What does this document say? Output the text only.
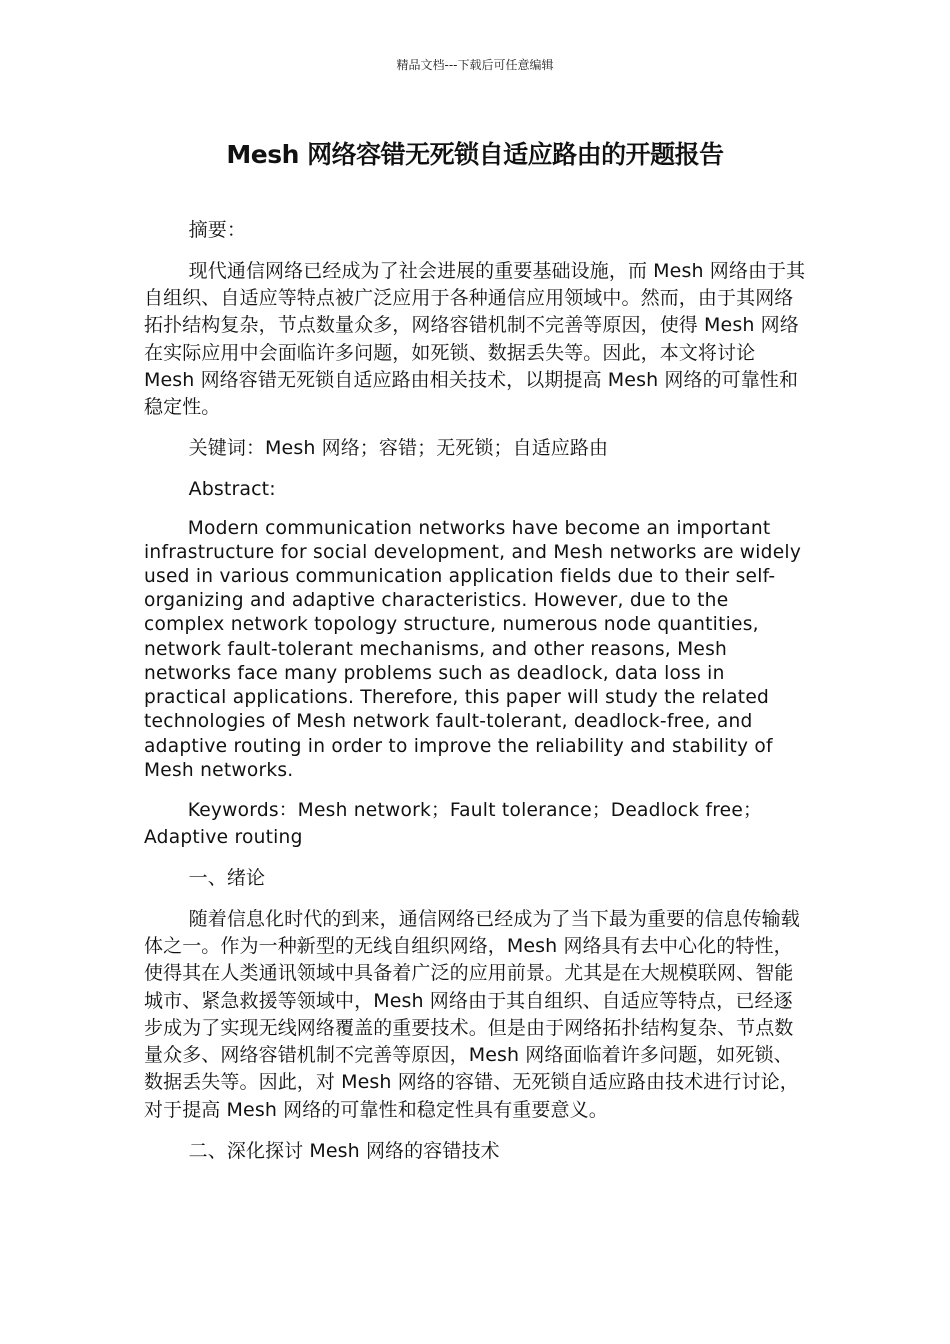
精品文档---下载后可任意编辑
Mesh 网络容错无死锁自适应路由的开题报告

摘要：

现代通信网络已经成为了社会进展的重要基础设施，而 Mesh 网络由于其自组织、自适应等特点被广泛应用于各种通信应用领域中。然而，由于其网络拓扑结构复杂，节点数量众多，网络容错机制不完善等原因，使得 Mesh 网络在实际应用中会面临许多问题，如死锁、数据丢失等。因此，本文将讨论 Mesh 网络容错无死锁自适应路由相关技术，以期提高 Mesh 网络的可靠性和稳定性。

关键词：Mesh 网络；容错；无死锁；自适应路由

Abstract:

Modern communication networks have become an important infrastructure for social development, and Mesh networks are widely used in various communication application fields due to their self-organizing and adaptive characteristics. However, due to the complex network topology structure, numerous node quantities, network fault-tolerant mechanisms, and other reasons, Mesh networks face many problems such as deadlock, data loss in practical applications. Therefore, this paper will study the related technologies of Mesh network fault-tolerant, deadlock-free, and adaptive routing in order to improve the reliability and stability of Mesh networks.

Keywords：Mesh network；Fault tolerance；Deadlock free；Adaptive routing

一、绪论

随着信息化时代的到来，通信网络已经成为了当下最为重要的信息传输载体之一。作为一种新型的无线自组织网络，Mesh 网络具有去中心化的特性，使得其在人类通讯领域中具备着广泛的应用前景。尤其是在大规模联网、智能城市、紧急救援等领域中，Mesh 网络由于其自组织、自适应等特点，已经逐步成为了实现无线网络覆盖的重要技术。但是由于网络拓扑结构复杂、节点数量众多、网络容错机制不完善等原因，Mesh 网络面临着许多问题，如死锁、数据丢失等。因此，对 Mesh 网络的容错、无死锁自适应路由技术进行讨论，对于提高 Mesh 网络的可靠性和稳定性具有重要意义。

二、深化探讨 Mesh 网络的容错技术
